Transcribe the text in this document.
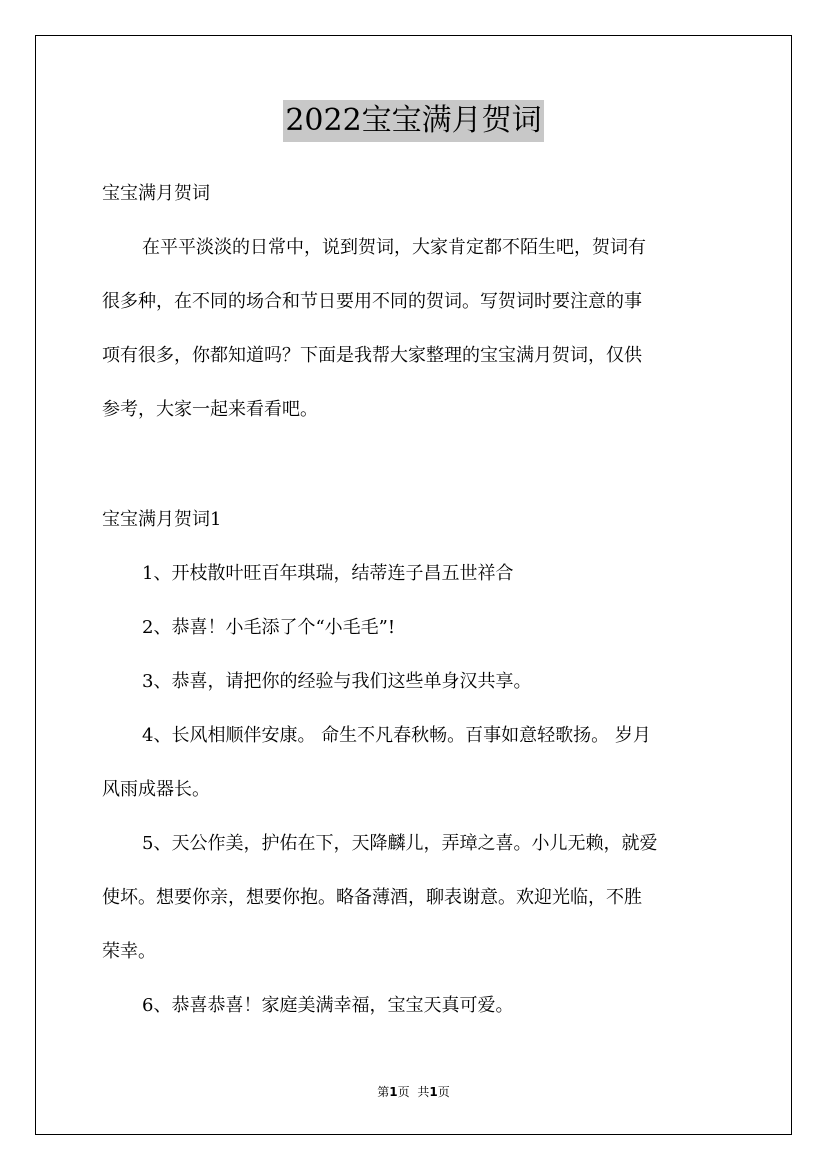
2022宝宝满月贺词
宝宝满月贺词
在平平淡淡的日常中，说到贺词，大家肯定都不陌生吧，贺词有
很多种，在不同的场合和节日要用不同的贺词。写贺词时要注意的事
项有很多，你都知道吗？下面是我帮大家整理的宝宝满月贺词，仅供
参考，大家一起来看看吧。
宝宝满月贺词1
1、开枝散叶旺百年琪瑞，结蒂连子昌五世祥合
2、恭喜！小毛添了个“小毛毛”!
3、恭喜，请把你的经验与我们这些单身汉共享。
4、长风相顺伴安康。 命生不凡春秋畅。百事如意轻歌扬。 岁月
风雨成器长。
5、天公作美，护佑在下，天降麟儿，弄璋之喜。小儿无赖，就爱
使坏。想要你亲，想要你抱。略备薄酒，聊表谢意。欢迎光临，不胜
荣幸。
6、恭喜恭喜！家庭美满幸福，宝宝天真可爱。
第1页 共1页
